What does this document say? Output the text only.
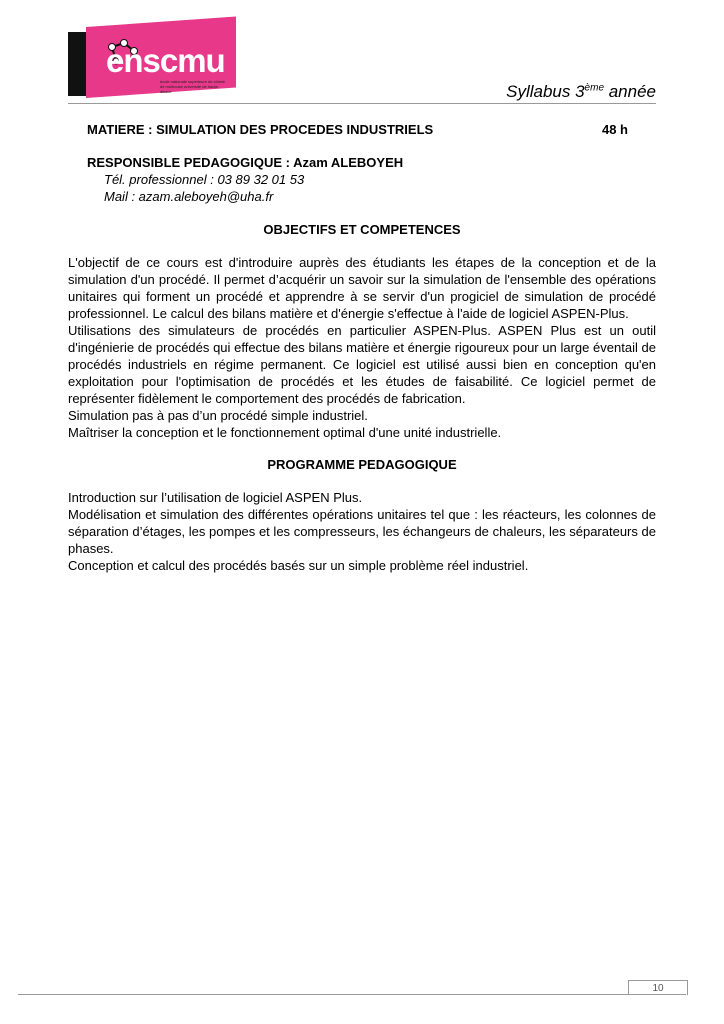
enscmu
école nationale supérieure de chimie de mulhouse université de haute-alsace	Syllabus 3ème année
MATIERE : SIMULATION DES PROCEDES INDUSTRIELS	48 h
RESPONSIBLE PEDAGOGIQUE : Azam ALEBOYEH
Tél. professionnel : 03 89 32 01 53
Mail : azam.aleboyeh@uha.fr
OBJECTIFS ET COMPETENCES

L'objectif de ce cours est d'introduire auprès des étudiants les étapes de la conception et de la simulation d'un procédé. Il permet d’acquérir un savoir sur la simulation de l'ensemble des opérations unitaires qui forment un procédé et apprendre à se servir d'un progiciel de simulation de procédé professionnel. Le calcul des bilans matière et d'énergie s'effectue à l'aide de logiciel ASPEN-Plus.

Utilisations des simulateurs de procédés en particulier ASPEN-Plus. ASPEN Plus est un outil d'ingénierie de procédés qui effectue des bilans matière et énergie rigoureux pour un large éventail de procédés industriels en régime permanent. Ce logiciel est utilisé aussi bien en conception qu'en exploitation pour l'optimisation de procédés et les études de faisabilité. Ce logiciel permet de représenter fidèlement le comportement des procédés de fabrication.

Simulation pas à pas d’un procédé simple industriel.

Maîtriser la conception et le fonctionnement optimal d'une unité industrielle.

PROGRAMME PEDAGOGIQUE

Introduction sur l’utilisation de logiciel ASPEN Plus.

Modélisation et simulation des différentes opérations unitaires tel que : les réacteurs, les colonnes de séparation d’étages, les pompes et les compresseurs, les échangeurs de chaleurs, les séparateurs de phases.

Conception et calcul des procédés basés sur un simple problème réel industriel.

10
